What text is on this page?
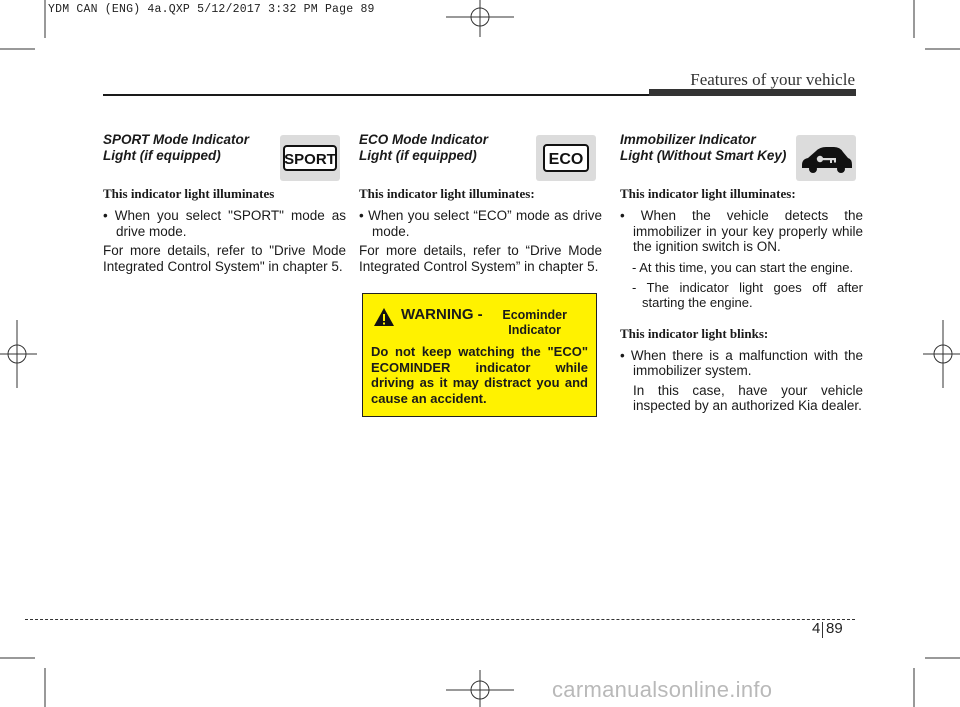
YDM CAN (ENG) 4a.QXP 5/12/2017 3:32 PM Page 89
Features of your vehicle
SPORT Mode Indicator
Light (if equipped)	SPORT
This indicator light illuminates
• When you select "SPORT" mode as drive mode.
For more details, refer to "Drive Mode Integrated Control System" in chapter 5.
ECO Mode Indicator
Light (if equipped)	ECO
This indicator light illuminates:
• When you select “ECO” mode as drive mode.
For more details, refer to “Drive Mode Integrated Control System” in chapter 5.
WARNING -	Ecominder Indicator
Do not keep watching the "ECO" ECOMINDER indicator while driving as it may distract you and cause an accident.
Immobilizer Indicator
Light (Without Smart Key)
This indicator light illuminates:
• When the vehicle detects the immobilizer in your key properly while the ignition switch is ON.
- At this time, you can start the engine.
- The indicator light goes off after starting the engine.
This indicator light blinks:
• When there is a malfunction with the immobilizer system.
In this case, have your vehicle inspected by an authorized Kia dealer.
4 89
carmanualsonline.info
